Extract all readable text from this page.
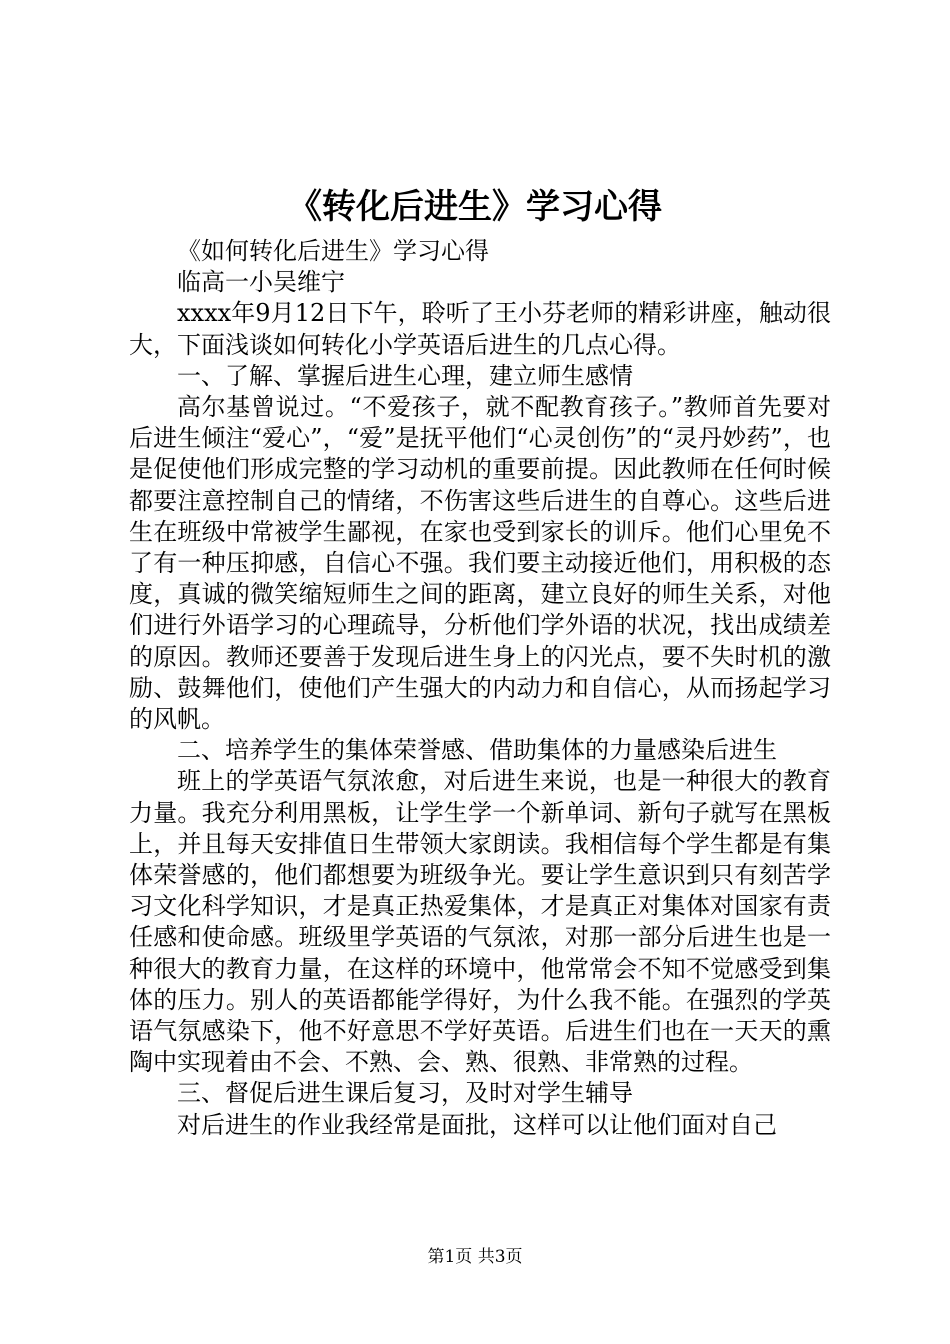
《转化后进生》学习心得

《如何转化后进生》学习心得

临高一小吴维宁

xxxx年9月12日下午，聆听了王小芬老师的精彩讲座，触动很大，下面浅谈如何转化小学英语后进生的几点心得。

一、了解、掌握后进生心理，建立师生感情

高尔基曾说过。“不爱孩子，就不配教育孩子。”教师首先要对后进生倾注“爱心”，“爱”是抚平他们“心灵创伤”的“灵丹妙药”，也是促使他们形成完整的学习动机的重要前提。因此教师在任何时候都要注意控制自己的情绪，不伤害这些后进生的自尊心。这些后进生在班级中常被学生鄙视，在家也受到家长的训斥。他们心里免不了有一种压抑感，自信心不强。我们要主动接近他们，用积极的态度，真诚的微笑缩短师生之间的距离，建立良好的师生关系，对他们进行外语学习的心理疏导，分析他们学外语的状况，找出成绩差的原因。教师还要善于发现后进生身上的闪光点，要不失时机的激励、鼓舞他们，使他们产生强大的内动力和自信心，从而扬起学习的风帆。

二、培养学生的集体荣誉感、借助集体的力量感染后进生

班上的学英语气氛浓愈，对后进生来说，也是一种很大的教育力量。我充分利用黑板，让学生学一个新单词、新句子就写在黑板上，并且每天安排值日生带领大家朗读。我相信每个学生都是有集体荣誉感的，他们都想要为班级争光。要让学生意识到只有刻苦学习文化科学知识，才是真正热爱集体，才是真正对集体对国家有责任感和使命感。班级里学英语的气氛浓，对那一部分后进生也是一种很大的教育力量，在这样的环境中，他常常会不知不觉感受到集体的压力。别人的英语都能学得好，为什么我不能。在强烈的学英语气氛感染下，他不好意思不学好英语。后进生们也在一天天的熏陶中实现着由不会、不熟、会、熟、很熟、非常熟的过程。

三、督促后进生课后复习，及时对学生辅导

对后进生的作业我经常是面批，这样可以让他们面对自己

第1页 共3页
